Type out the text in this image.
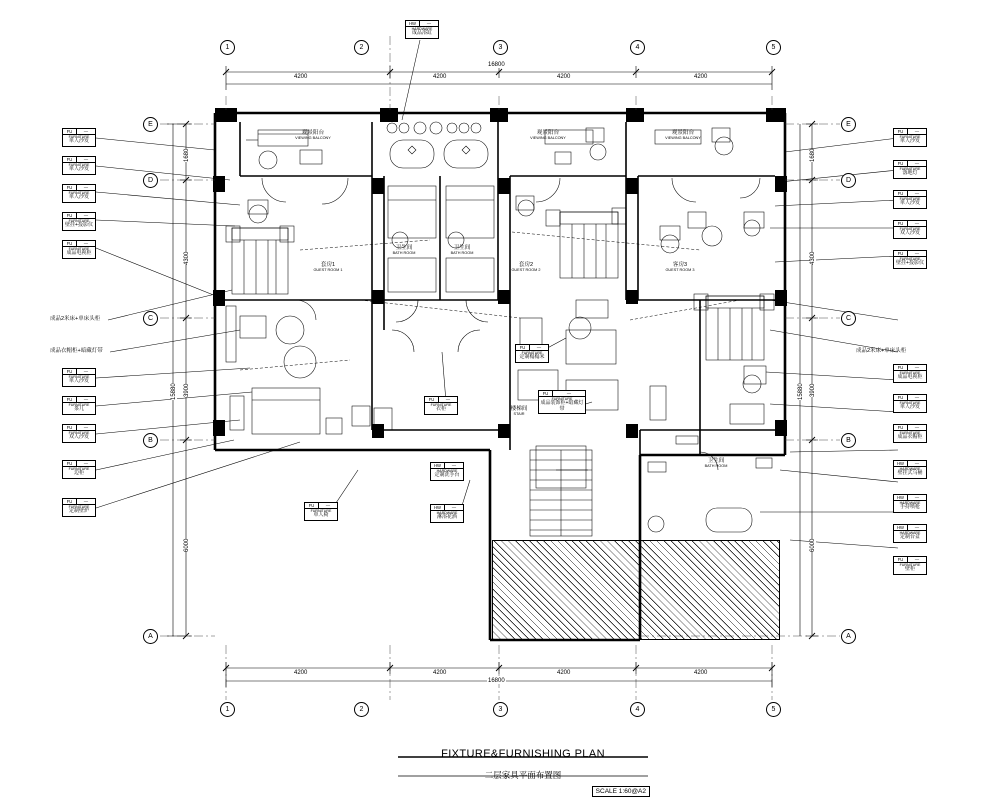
1	2	3	4	5
1	2	3	4	5
E
D
C
B
A
E
D
C
B
A
4200	4200	4200	4200
16800
4200	4200	4200	4200
16800
1680
4300
3900
6000
15880
1680
4300
3900
6000
15880
观景阳台
VIEWING BALCONY
观景阳台
VIEWING BALCONY
观景阳台
VIEWING BALCONY
卫生间
BATH ROOM
卫生间
BATH ROOM
套房1
GUEST ROOM 1
套房2
GUEST ROOM 2
客房3
GUEST ROOM 3
楼梯间
STAIR
卫生间
BATH ROOM
FU	—
FURNITURE
单人沙发
FU	—
FURNITURE
单人沙发
FU	—
FURNITURE
单人沙发
FU	—
FURNITURE
壁挂+投影仪
FU	—
FURNITURE
成品电视柜
成品2米床+单床头柜
成品衣帽柜+暗藏灯带
FU	—
FURNITURE
单人沙发
FU	—
FURNITURE
茶几
FU	—
FURNITURE
双人沙发
FU	—
FURNITURE
边柜
FU	—
FURNITURE
定制壁炉
FU	—
FURNITURE
单人沙发
FU	—
FURNITURE
落地灯
FU	—
FURNITURE
单人沙发
FU	—
FURNITURE
双人沙发
FU	—
FURNITURE
壁挂+投影仪
成品2米床+单床头柜
FU	—
FURNITURE
成品电视柜
FU	—
FURNITURE
单人沙发
FU	—
FURNITURE
成品衣帽柜
HW	—
HARDWARE
壁挂式马桶
HW	—
HARDWARE
手持喷枪
HW	—
HARDWARE
定制台盆
FU	—
FURNITURE
壁柜
HW	—
HARDWARE
成品浴缸
FU	—
FURNITURE
定制榻榻米
FU	—
FURNITURE
衣柜
FU	—
FURNITURE
成品装饰柜+暗藏灯带
FU	—
FURNITURE
单人椅
HW	—
HARDWARE
定制洗手台
HW	—
HARDWARE
淋浴花洒
FIXTURE&FURNISHING PLAN
二层家具平面布置图
SCALE 1:60@A2
